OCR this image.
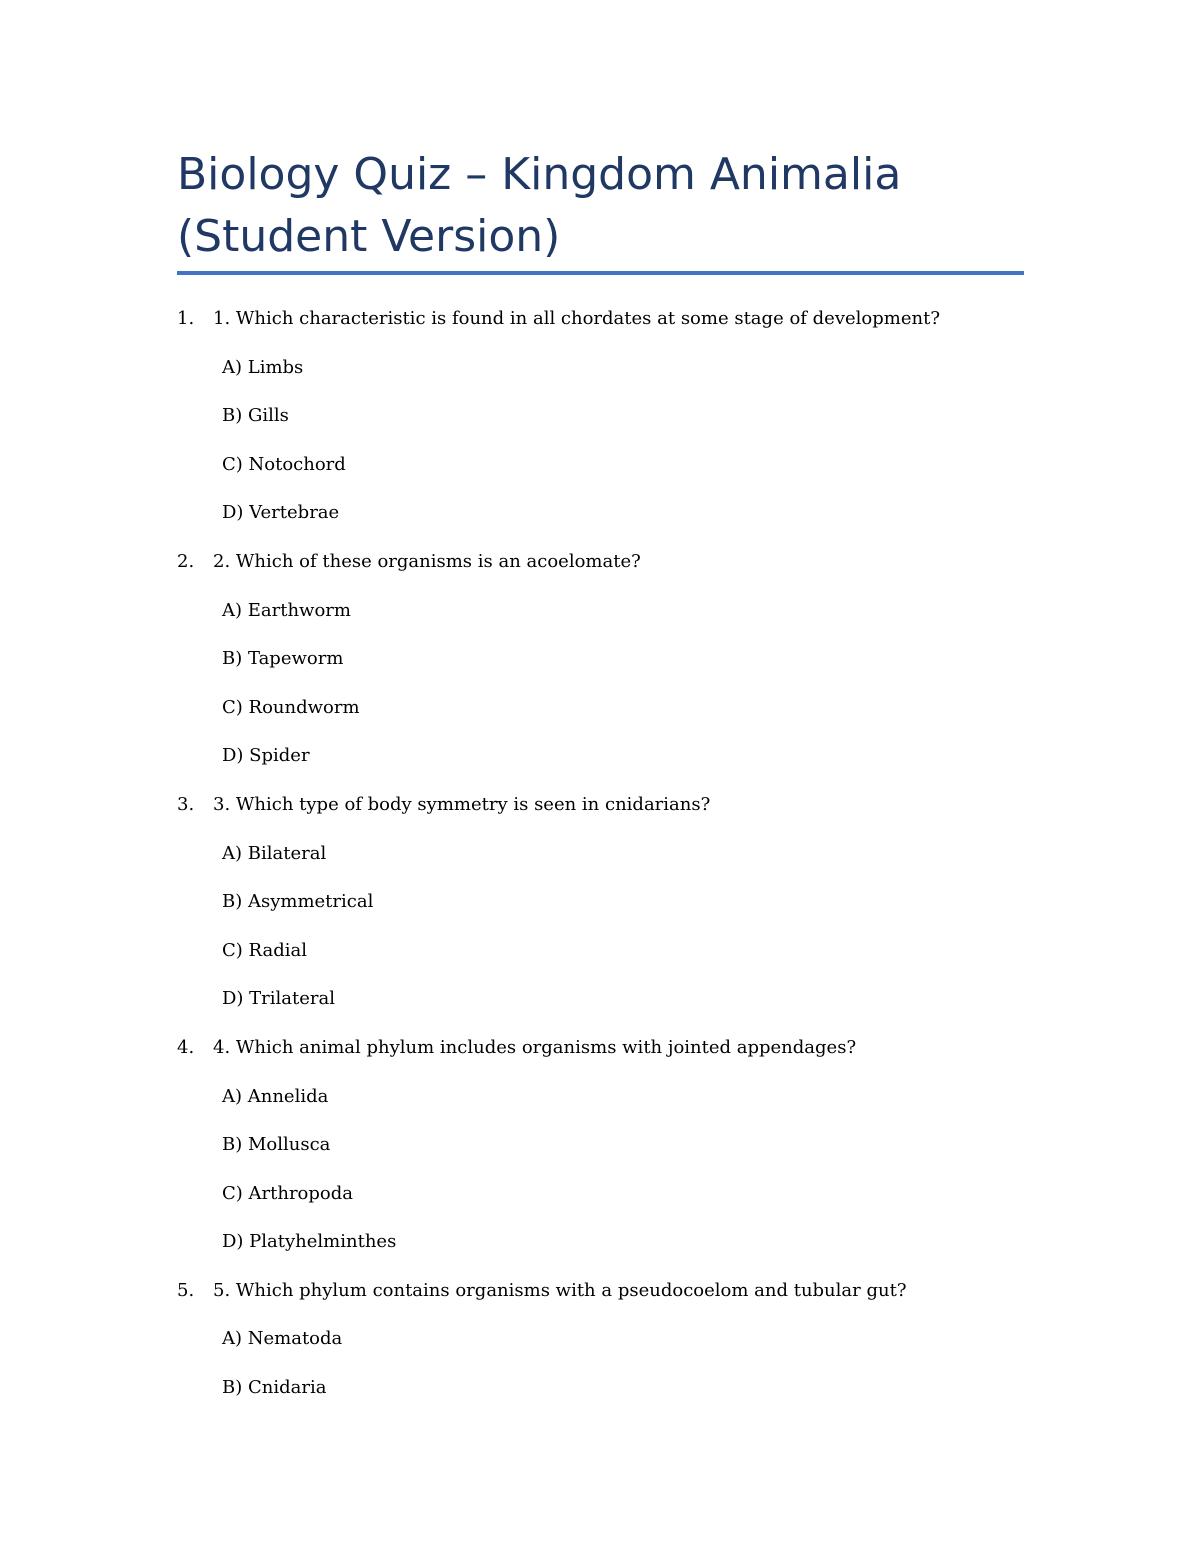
Biology Quiz – Kingdom Animalia (Student Version)
1. 1. Which characteristic is found in all chordates at some stage of development?
A) Limbs
B) Gills
C) Notochord
D) Vertebrae
2. 2. Which of these organisms is an acoelomate?
A) Earthworm
B) Tapeworm
C) Roundworm
D) Spider
3. 3. Which type of body symmetry is seen in cnidarians?
A) Bilateral
B) Asymmetrical
C) Radial
D) Trilateral
4. 4. Which animal phylum includes organisms with jointed appendages?
A) Annelida
B) Mollusca
C) Arthropoda
D) Platyhelminthes
5. 5. Which phylum contains organisms with a pseudocoelom and tubular gut?
A) Nematoda
B) Cnidaria
